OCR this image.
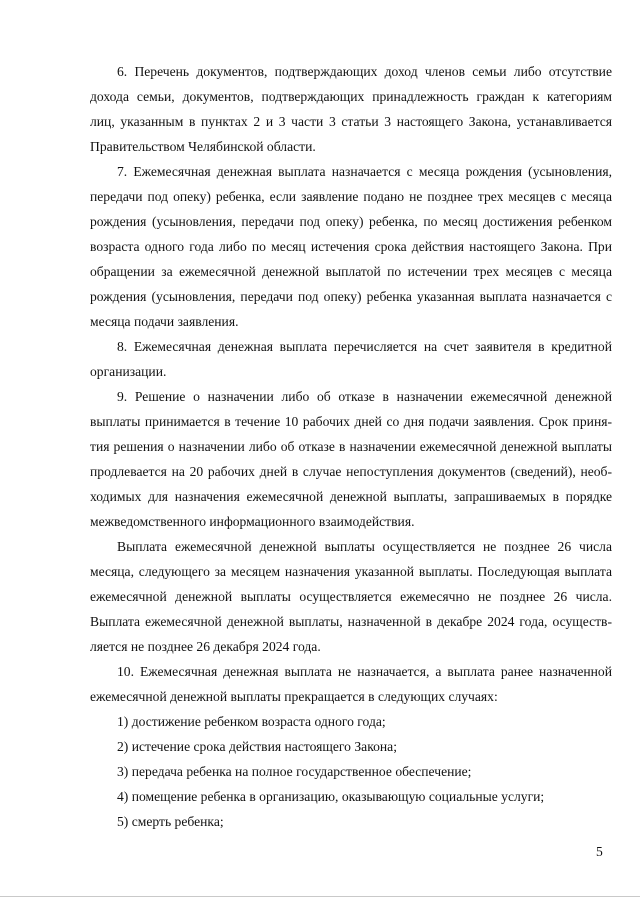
6. Перечень документов, подтверждающих доход членов семьи либо отсутствие
дохода семьи, документов, подтверждающих принадлежность граждан к категориям
лиц, указанным в пунктах 2 и 3 части 3 статьи 3 настоящего Закона, устанавливается
Правительством Челябинской области.
7. Ежемесячная денежная выплата назначается с месяца рождения (усыновления,
передачи под опеку) ребенка, если заявление подано не позднее трех месяцев с месяца
рождения (усыновления, передачи под опеку) ребенка, по месяц достижения ребенком
возраста одного года либо по месяц истечения срока действия настоящего Закона. При
обращении за ежемесячной денежной выплатой по истечении трех месяцев с месяца
рождения (усыновления, передачи под опеку) ребенка указанная выплата назначается с
месяца подачи заявления.
8. Ежемесячная денежная выплата перечисляется на счет заявителя в кредитной
организации.
9. Решение о назначении либо об отказе в назначении ежемесячной денежной
выплаты принимается в течение 10 рабочих дней со дня подачи заявления. Срок приня-
тия решения о назначении либо об отказе в назначении ежемесячной денежной выплаты
продлевается на 20 рабочих дней в случае непоступления документов (сведений), необ-
ходимых для назначения ежемесячной денежной выплаты, запрашиваемых в порядке
межведомственного информационного взаимодействия.
Выплата ежемесячной денежной выплаты осуществляется не позднее 26 числа
месяца, следующего за месяцем назначения указанной выплаты. Последующая выплата
ежемесячной денежной выплаты осуществляется ежемесячно не позднее 26 числа.
Выплата ежемесячной денежной выплаты, назначенной в декабре 2024 года, осуществ-
ляется не позднее 26 декабря 2024 года.
10. Ежемесячная денежная выплата не назначается, а выплата ранее назначенной
ежемесячной денежной выплаты прекращается в следующих случаях:
1) достижение ребенком возраста одного года;
2) истечение срока действия настоящего Закона;
3) передача ребенка на полное государственное обеспечение;
4) помещение ребенка в организацию, оказывающую социальные услуги;
5) смерть ребенка;
5
